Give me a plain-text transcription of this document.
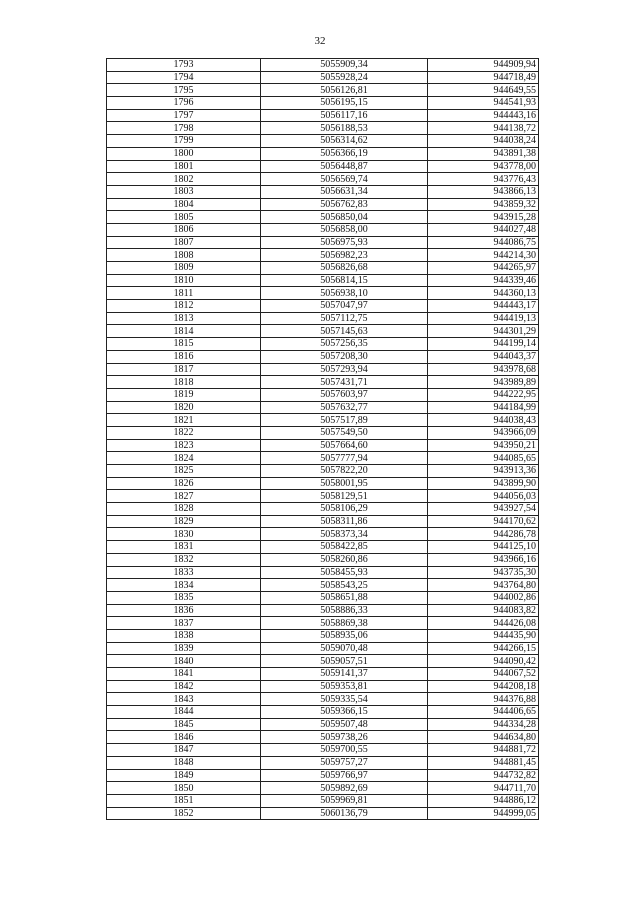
32
1793	5055909,34	944909,94
1794	5055928,24	944718,49
1795	5056126,81	944649,55
1796	5056195,15	944541,93
1797	5056117,16	944443,16
1798	5056188,53	944138,72
1799	5056314,62	944038,24
1800	5056366,19	943891,38
1801	5056448,87	943778,00
1802	5056569,74	943776,43
1803	5056631,34	943866,13
1804	5056762,83	943859,32
1805	5056850,04	943915,28
1806	5056858,00	944027,48
1807	5056975,93	944086,75
1808	5056982,23	944214,30
1809	5056826,68	944265,97
1810	5056814,15	944339,46
1811	5056938,10	944360,13
1812	5057047,97	944443,17
1813	5057112,75	944419,13
1814	5057145,63	944301,29
1815	5057256,35	944199,14
1816	5057208,30	944043,37
1817	5057293,94	943978,68
1818	5057431,71	943989,89
1819	5057603,97	944222,95
1820	5057632,77	944184,99
1821	5057517,89	944038,43
1822	5057549,50	943966,09
1823	5057664,60	943950,21
1824	5057777,94	944085,65
1825	5057822,20	943913,36
1826	5058001,95	943899,90
1827	5058129,51	944056,03
1828	5058106,29	943927,54
1829	5058311,86	944170,62
1830	5058373,34	944286,78
1831	5058422,85	944125,10
1832	5058260,86	943966,16
1833	5058455,93	943735,30
1834	5058543,25	943764,80
1835	5058651,88	944002,86
1836	5058886,33	944083,82
1837	5058869,38	944426,08
1838	5058935,06	944435,90
1839	5059070,48	944266,15
1840	5059057,51	944090,42
1841	5059141,37	944067,52
1842	5059353,81	944208,18
1843	5059335,54	944376,88
1844	5059366,15	944406,65
1845	5059507,48	944334,28
1846	5059738,26	944634,80
1847	5059700,55	944881,72
1848	5059757,27	944881,45
1849	5059766,97	944732,82
1850	5059892,69	944711,70
1851	5059969,81	944886,12
1852	5060136,79	944999,05
